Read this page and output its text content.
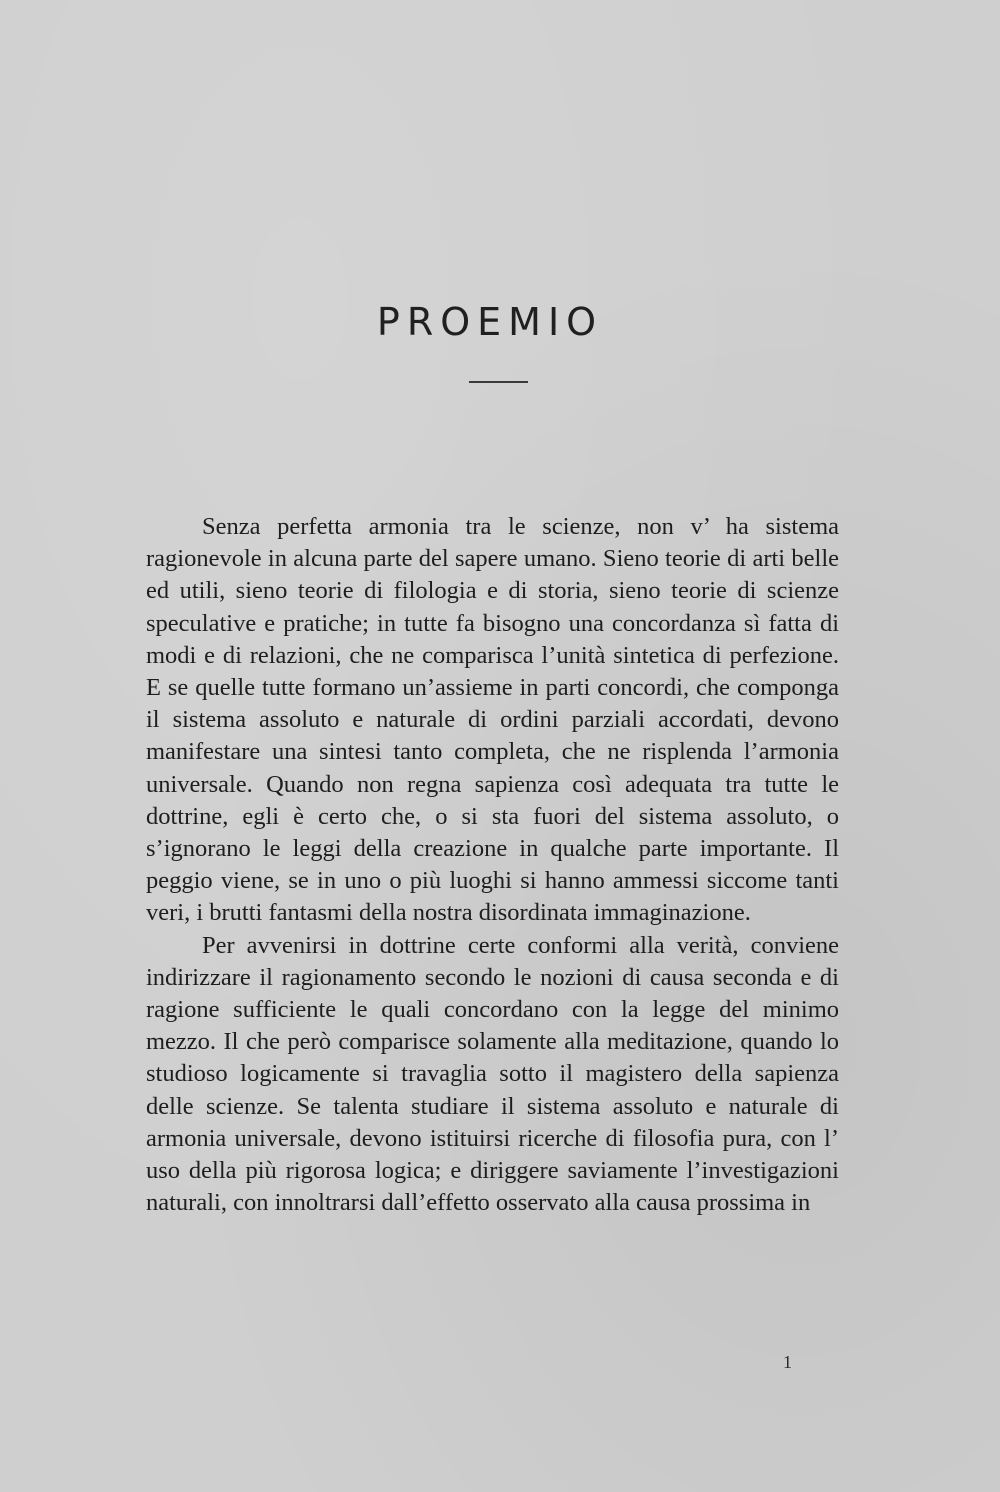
PROEMIO

Senza perfetta armonia tra le scienze, non v’ ha sistema ragionevole in alcuna parte del sapere umano. Sieno teorie di arti belle ed utili, sieno teorie di filologia e di storia, sieno teorie di scienze speculative e pratiche; in tutte fa bisogno una concordanza sì fatta di modi e di relazioni, che ne comparisca l’unità sintetica di perfezione. E se quelle tutte formano un’assieme in parti concordi, che componga il sistema assoluto e naturale di ordini parziali accordati, devono manifestare una sintesi tanto completa, che ne risplenda l’armonia universale. Quando non regna sapienza così adequata tra tutte le dottrine, egli è certo che, o si sta fuori del sistema assoluto, o s’ignorano le leggi della creazione in qualche parte importante. Il peggio viene, se in uno o più luoghi si hanno ammessi siccome tanti veri, i brutti fantasmi della nostra disordinata immaginazione.

Per avvenirsi in dottrine certe conformi alla verità, conviene indirizzare il ragionamento secondo le nozioni di causa seconda e di ragione sufficiente le quali concordano con la legge del minimo mezzo. Il che però comparisce solamente alla meditazione, quando lo studioso logicamente si travaglia sotto il magistero della sapienza delle scienze. Se talenta studiare il sistema assoluto e naturale di armonia universale, devono istituirsi ricerche di filosofia pura, con l’ uso della più rigorosa logica; e diriggere saviamente l’investigazioni naturali, con innoltrarsi dall’effetto osservato alla causa prossima in

1
